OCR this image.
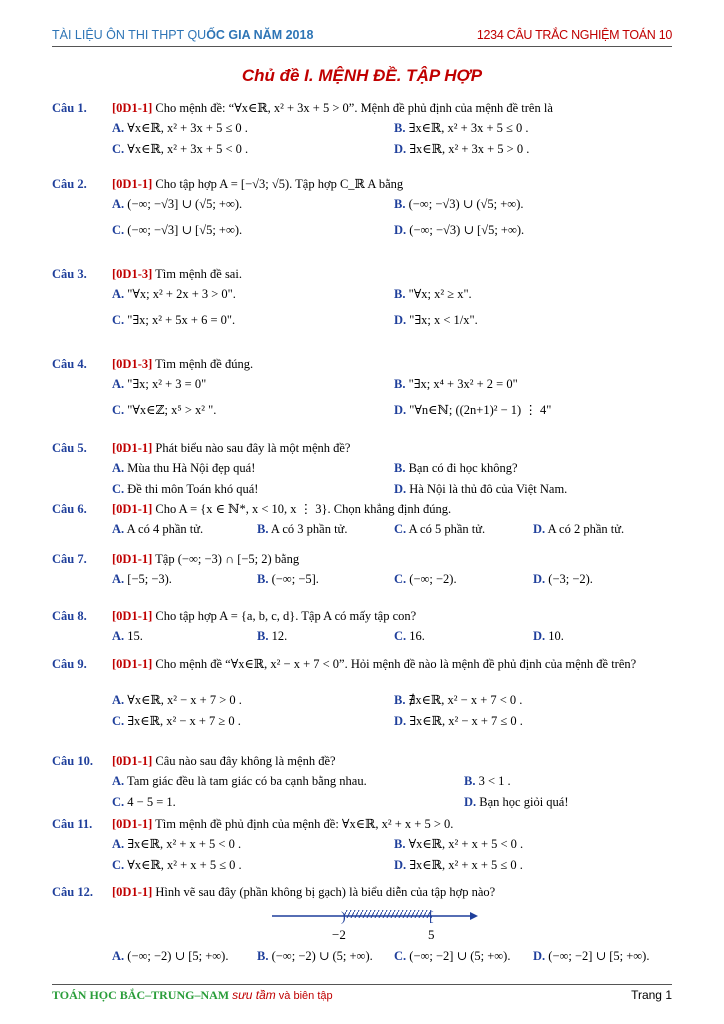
TÀI LIỆU ÔN THI THPT QUỐC GIA NĂM 2018	1234 CÂU TRẮC NGHIỆM TOÁN 10
Chủ đề I. MỆNH ĐỀ. TẬP HỢP
Câu 1. [0D1-1] Cho mệnh đề: “∀x∈ℝ, x² + 3x + 5 > 0”. Mệnh đề phủ định của mệnh đề trên là
A. ∀x∈ℝ, x² + 3x + 5 ≤ 0 .	B. ∃x∈ℝ, x² + 3x + 5 ≤ 0 .
C. ∀x∈ℝ, x² + 3x + 5 < 0 .	D. ∃x∈ℝ, x² + 3x + 5 > 0 .
Câu 2. [0D1-1] Cho tập hợp A = [−√3; √5). Tập hợp C_ℝ A bằng
A. (−∞; −√3] ∪ (√5; +∞).	B. (−∞; −√3) ∪ (√5; +∞).
C. (−∞; −√3] ∪ [√5; +∞).	D. (−∞; −√3) ∪ [√5; +∞).
Câu 3. [0D1-3] Tìm mệnh đề sai.
A. "∀x; x² + 2x + 3 > 0".	B. "∀x; x² ≥ x".
C. "∃x; x² + 5x + 6 = 0".	D. "∃x; x < 1/x".
Câu 4. [0D1-3] Tìm mệnh đề đúng.
A. "∃x; x² + 3 = 0"	B. "∃x; x⁴ + 3x² + 2 = 0"
C. "∀x∈ℤ; x⁵ > x² ".	D. "∀n∈ℕ; ((2n+1)² − 1) ⋮ 4"
Câu 5. [0D1-1] Phát biểu nào sau đây là một mệnh đề?
A. Mùa thu Hà Nội đẹp quá!	B. Bạn có đi học không?
C. Đề thi môn Toán khó quá!	D. Hà Nội là thủ đô của Việt Nam.
Câu 6. [0D1-1] Cho A = {x ∈ ℕ*, x < 10, x ⋮ 3}. Chọn khẳng định đúng.
A. A có 4 phần tử.	B. A có 3 phần tử.	C. A có 5 phần tử.	D. A có 2 phần tử.
Câu 7. [0D1-1] Tập (−∞; −3) ∩ [−5; 2) bằng
A. [−5; −3).	B. (−∞; −5].	C. (−∞; −2).	D. (−3; −2).
Câu 8. [0D1-1] Cho tập hợp A = {a, b, c, d}. Tập A có mấy tập con?
A. 15.	B. 12.	C. 16.	D. 10.
Câu 9. [0D1-1] Cho mệnh đề “∀x∈ℝ, x² − x + 7 < 0”. Hỏi mệnh đề nào là mệnh đề phủ định của mệnh đề trên?
A. ∀x∈ℝ, x² − x + 7 > 0 .	B. ∄x∈ℝ, x² − x + 7 < 0 .
C. ∃x∈ℝ, x² − x + 7 ≥ 0 .	D. ∃x∈ℝ, x² − x + 7 ≤ 0 .
Câu 10. [0D1-1] Câu nào sau đây không là mệnh đề?
A. Tam giác đều là tam giác có ba cạnh bằng nhau.	B. 3 < 1 .
C. 4 − 5 = 1.	D. Bạn học giỏi quá!
Câu 11. [0D1-1] Tìm mệnh đề phủ định của mệnh đề: ∀x∈ℝ, x² + x + 5 > 0.
A. ∃x∈ℝ, x² + x + 5 < 0 .	B. ∀x∈ℝ, x² + x + 5 < 0 .
C. ∀x∈ℝ, x² + x + 5 ≤ 0 .	D. ∃x∈ℝ, x² + x + 5 ≤ 0 .
Câu 12. [0D1-1] Hình vẽ sau đây (phần không bị gạch) là biểu diễn của tập hợp nào?
A. (−∞; −2) ∪ [5; +∞). B. (−∞; −2) ∪ (5; +∞). C. (−∞; −2] ∪ (5; +∞). D. (−∞; −2] ∪ [5; +∞).
)	[
−2	5
TOÁN HỌC BẮC–TRUNG–NAM sưu tầm và biên tập	Trang 1
